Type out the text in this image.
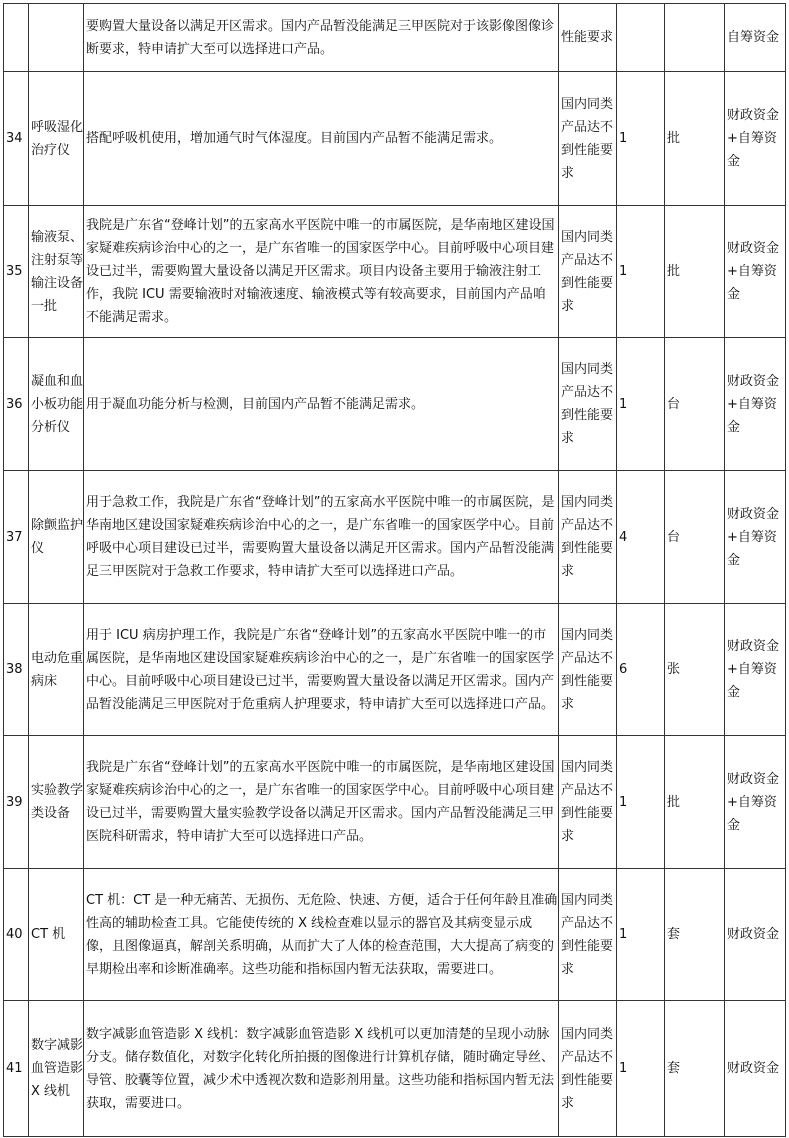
		要购置大量设备以满足开区需求。国内产品暂没能满足三甲医院对于该影像图像诊断要求，特申请扩大至可以选择进口产品。	性能要求			自筹资金
34	呼吸湿化治疗仪	搭配呼吸机使用，增加通气时气体湿度。目前国内产品暂不能满足需求。	国内同类产品达不到性能要求	1	批	财政资金+自筹资金
35	输液泵、注射泵等输注设备一批	我院是广东省“登峰计划”的五家高水平医院中唯一的市属医院，是华南地区建设国家疑难疾病诊治中心的之一，是广东省唯一的国家医学中心。目前呼吸中心项目建设已过半，需要购置大量设备以满足开区需求。项目内设备主要用于输液注射工作，我院 ICU 需要输液时对输液速度、输液模式等有较高要求，目前国内产品咱不能满足需求。	国内同类产品达不到性能要求	1	批	财政资金+自筹资金
36	凝血和血小板功能分析仪	用于凝血功能分析与检测，目前国内产品暂不能满足需求。	国内同类产品达不到性能要求	1	台	财政资金+自筹资金
37	除颤监护仪	用于急救工作，我院是广东省“登峰计划”的五家高水平医院中唯一的市属医院，是华南地区建设国家疑难疾病诊治中心的之一，是广东省唯一的国家医学中心。目前呼吸中心项目建设已过半，需要购置大量设备以满足开区需求。国内产品暂没能满足三甲医院对于急救工作要求，特申请扩大至可以选择进口产品。	国内同类产品达不到性能要求	4	台	财政资金+自筹资金
38	电动危重病床	用于 ICU 病房护理工作，我院是广东省“登峰计划”的五家高水平医院中唯一的市属医院，是华南地区建设国家疑难疾病诊治中心的之一，是广东省唯一的国家医学中心。目前呼吸中心项目建设已过半，需要购置大量设备以满足开区需求。国内产品暂没能满足三甲医院对于危重病人护理要求，特申请扩大至可以选择进口产品。	国内同类产品达不到性能要求	6	张	财政资金+自筹资金
39	实验教学类设备	我院是广东省“登峰计划”的五家高水平医院中唯一的市属医院，是华南地区建设国家疑难疾病诊治中心的之一，是广东省唯一的国家医学中心。目前呼吸中心项目建设已过半，需要购置大量实验教学设备以满足开区需求。国内产品暂没能满足三甲医院科研需求，特申请扩大至可以选择进口产品。	国内同类产品达不到性能要求	1	批	财政资金+自筹资金
40	CT 机	CT 机：CT 是一种无痛苦、无损伤、无危险、快速、方便，适合于任何年龄且准确性高的辅助检查工具。它能使传统的 X 线检查难以显示的器官及其病变显示成像，且图像逼真，解剖关系明确，从而扩大了人体的检查范围，大大提高了病变的早期检出率和诊断准确率。这些功能和指标国内暂无法获取，需要进口。	国内同类产品达不到性能要求	1	套	财政资金
41	数字减影血管造影 X 线机	数字减影血管造影 X 线机：数字减影血管造影 X 线机可以更加清楚的呈现小动脉分支。储存数值化，对数字化转化所拍摄的图像进行计算机存储，随时确定导丝、导管、胶囊等位置，减少术中透视次数和造影剂用量。这些功能和指标国内暂无法获取，需要进口。	国内同类产品达不到性能要求	1	套	财政资金
